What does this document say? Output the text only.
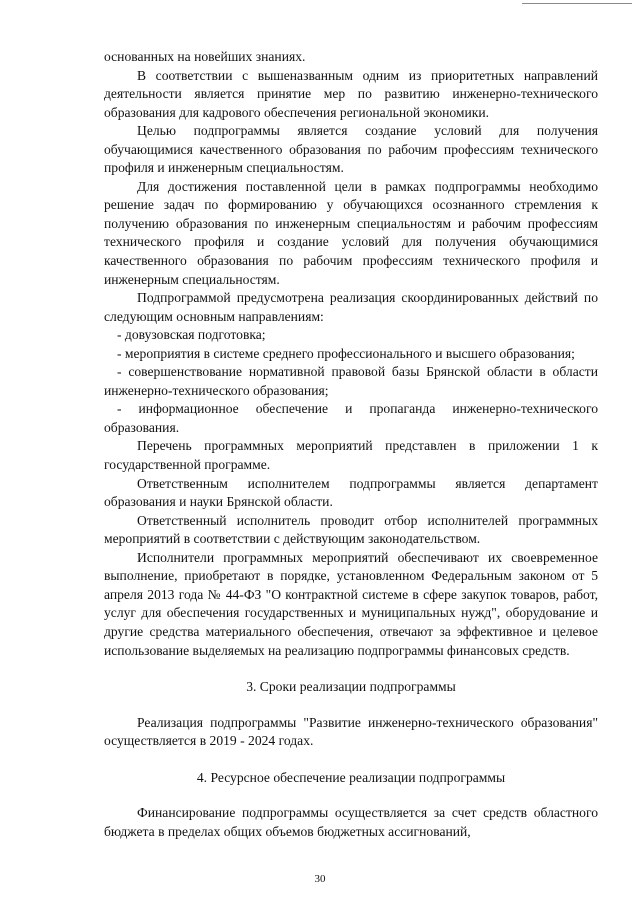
основанных на новейших знаниях.

В соответствии с вышеназванным одним из приоритетных направлений деятельности является принятие мер по развитию инженерно-технического образования для кадрового обеспечения региональной экономики.

Целью подпрограммы является создание условий для получения обучающимися качественного образования по рабочим профессиям технического профиля и инженерным специальностям.

Для достижения поставленной цели в рамках подпрограммы необходимо решение задач по формированию у обучающихся осознанного стремления к получению образования по инженерным специальностям и рабочим профессиям технического профиля и создание условий для получения обучающимися качественного образования по рабочим профессиям технического профиля и инженерным специальностям.

Подпрограммой предусмотрена реализация скоординированных действий по следующим основным направлениям:

- довузовская подготовка;

- мероприятия в системе среднего профессионального и высшего образования;

- совершенствование нормативной правовой базы Брянской области в области инженерно-технического образования;

- информационное обеспечение и пропаганда инженерно-технического образования.

Перечень программных мероприятий представлен в приложении 1 к государственной программе.

Ответственным исполнителем подпрограммы является департамент образования и науки Брянской области.

Ответственный исполнитель проводит отбор исполнителей программных мероприятий в соответствии с действующим законодательством.

Исполнители программных мероприятий обеспечивают их своевременное выполнение, приобретают в порядке, установленном Федеральным законом от 5 апреля 2013 года № 44-ФЗ "О контрактной системе в сфере закупок товаров, работ, услуг для обеспечения государственных и муниципальных нужд", оборудование и другие средства материального обеспечения, отвечают за эффективное и целевое использование выделяемых на реализацию подпрограммы финансовых средств.

3. Сроки реализации подпрограммы

Реализация подпрограммы "Развитие инженерно-технического образования" осуществляется в 2019 - 2024 годах.

4. Ресурсное обеспечение реализации подпрограммы

Финансирование подпрограммы осуществляется за счет средств областного бюджета в пределах общих объемов бюджетных ассигнований,

30
